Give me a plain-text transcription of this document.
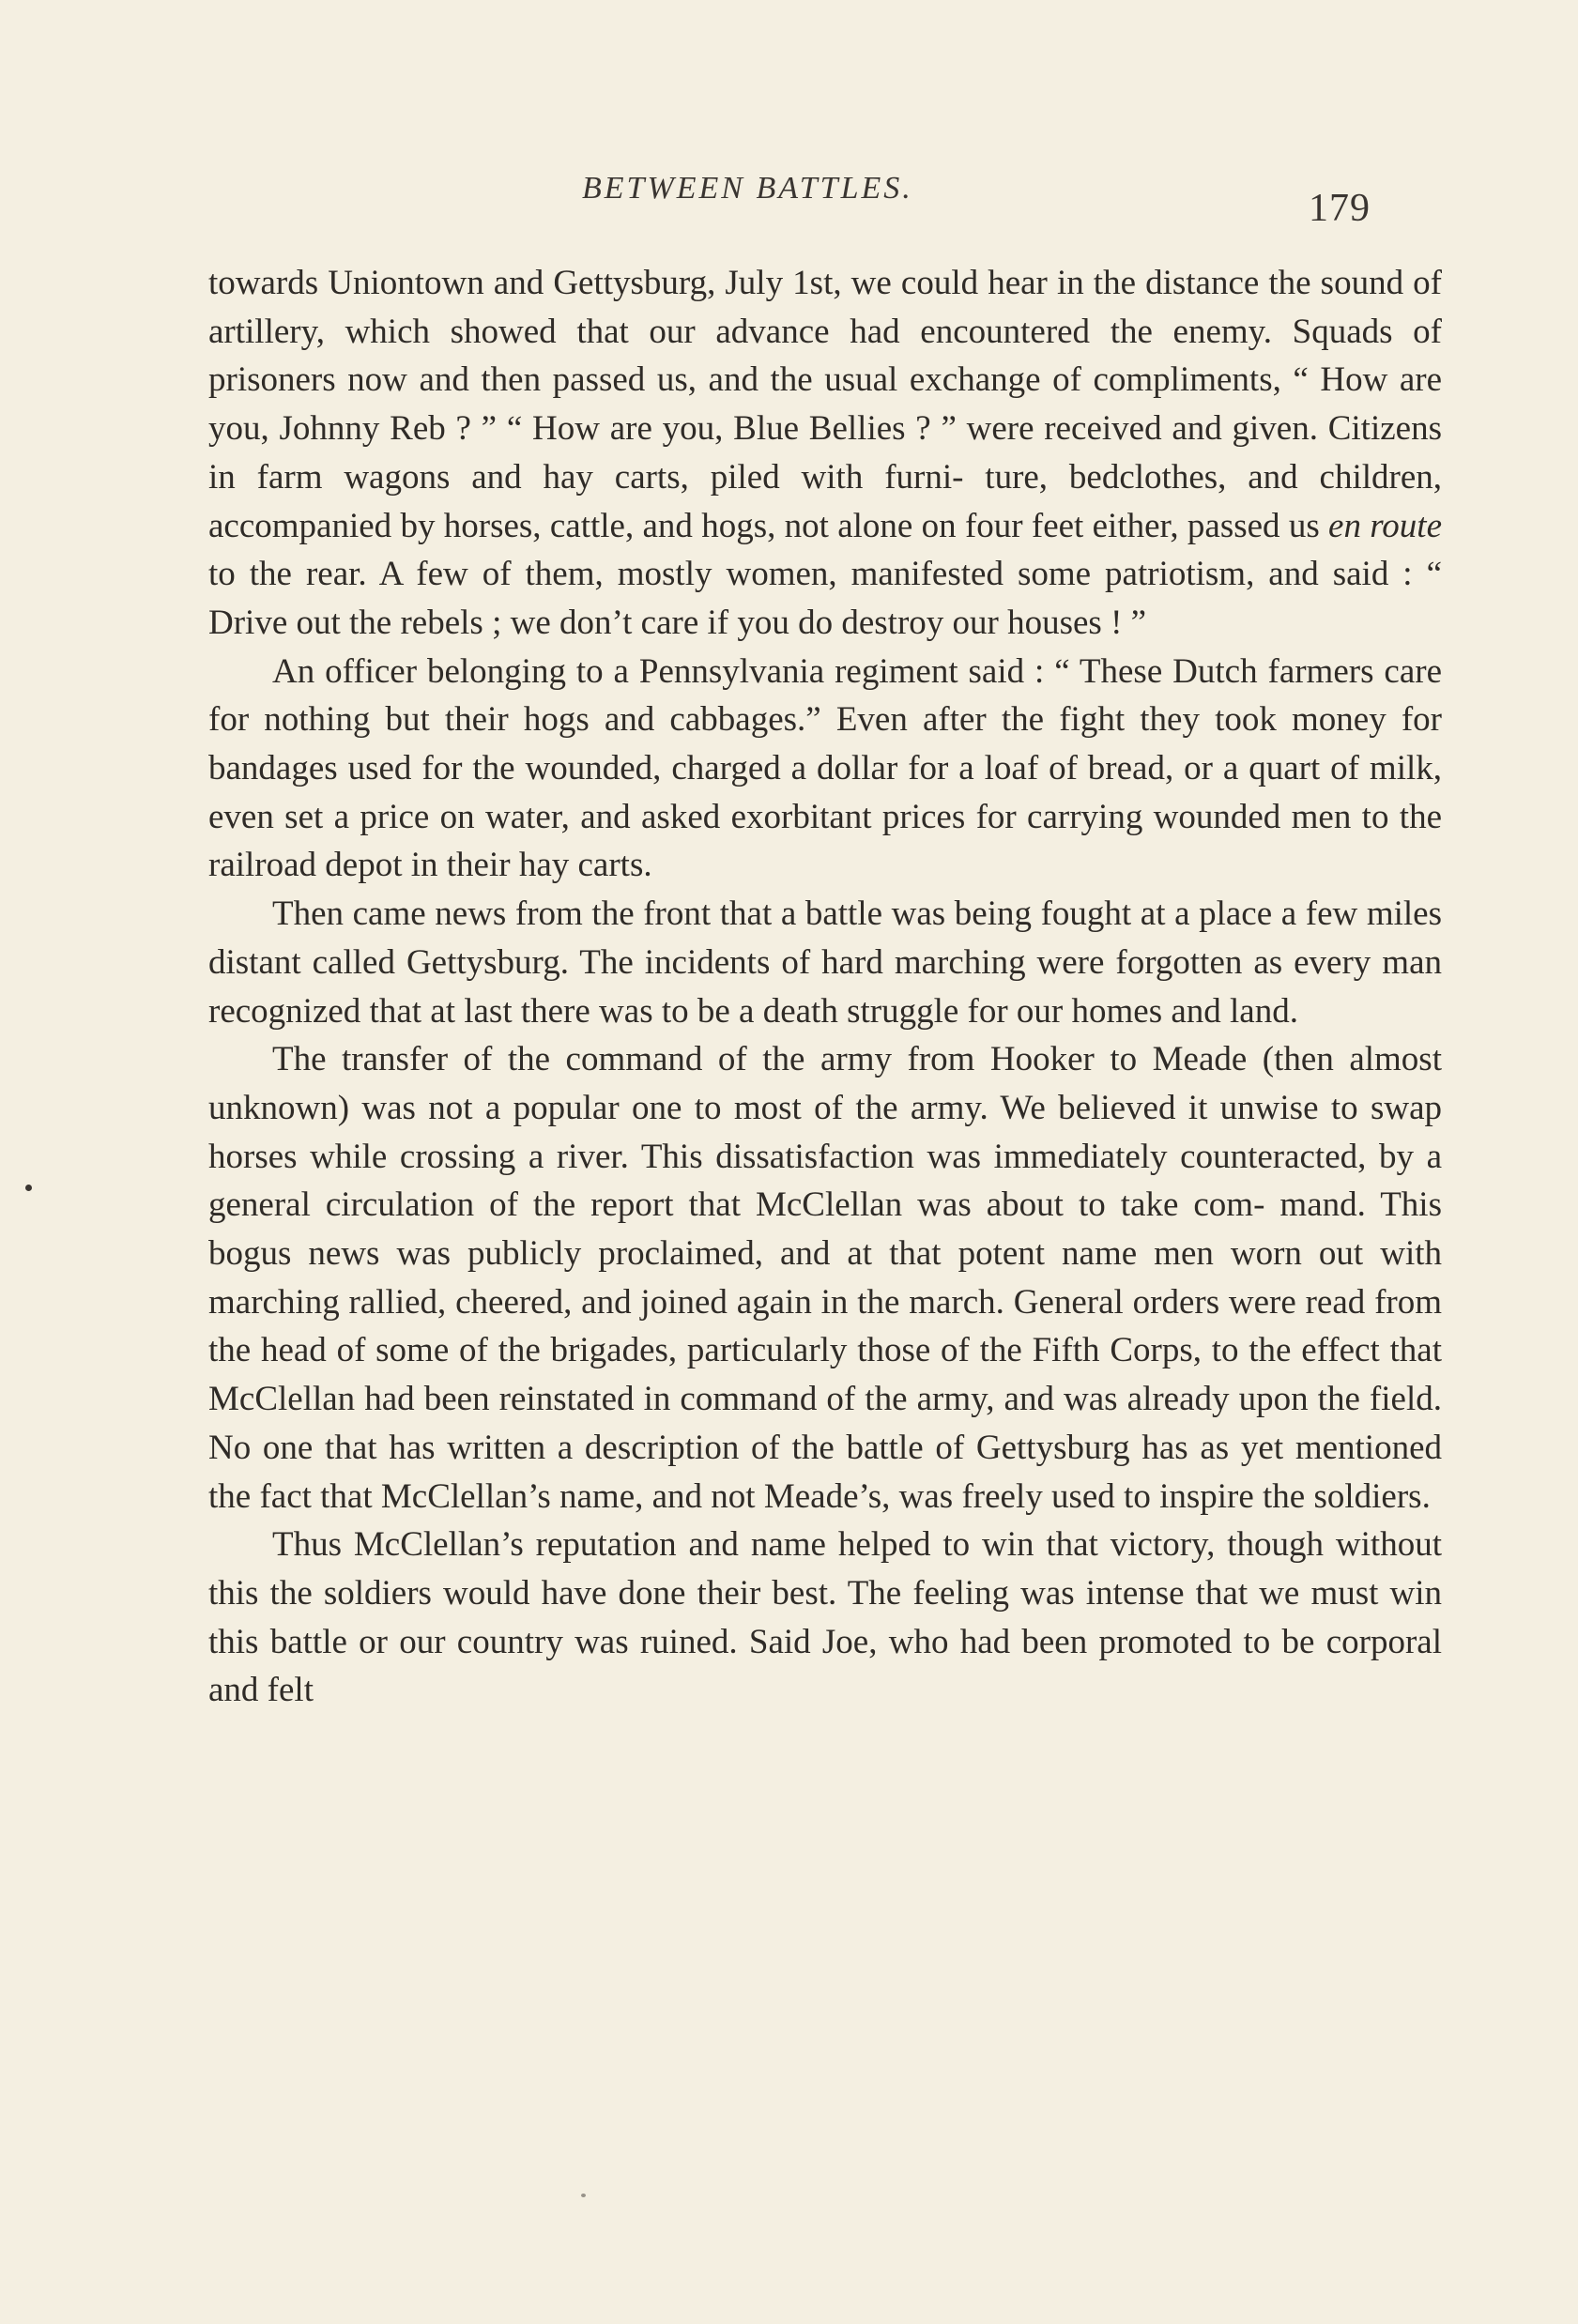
BETWEEN BATTLES.	179

towards Uniontown and Gettysburg, July 1st, we could hear in the distance the sound of artillery, which showed that our advance had encountered the enemy. Squads of prisoners now and then passed us, and the usual exchange of compliments, “ How are you, Johnny Reb ? ” “ How are you, Blue Bellies ? ” were received and given. Citizens in farm wagons and hay carts, piled with furni- ture, bedclothes, and children, accompanied by horses, cattle, and hogs, not alone on four feet either, passed us en route to the rear. A few of them, mostly women, manifested some patriotism, and said : “ Drive out the rebels ; we don’t care if you do destroy our houses ! ”

An officer belonging to a Pennsylvania regiment said : “ These Dutch farmers care for nothing but their hogs and cabbages.” Even after the fight they took money for bandages used for the wounded, charged a dollar for a loaf of bread, or a quart of milk, even set a price on water, and asked exorbitant prices for carrying wounded men to the railroad depot in their hay carts.

Then came news from the front that a battle was being fought at a place a few miles distant called Gettysburg. The incidents of hard marching were forgotten as every man recognized that at last there was to be a death struggle for our homes and land.

The transfer of the command of the army from Hooker to Meade (then almost unknown) was not a popular one to most of the army. We believed it unwise to swap horses while crossing a river. This dissatisfaction was immediately counteracted, by a general circulation of the report that McClellan was about to take com- mand. This bogus news was publicly proclaimed, and at that potent name men worn out with marching rallied, cheered, and joined again in the march. General orders were read from the head of some of the brigades, particularly those of the Fifth Corps, to the effect that McClellan had been reinstated in command of the army, and was already upon the field. No one that has written a description of the battle of Gettysburg has as yet mentioned the fact that McClellan’s name, and not Meade’s, was freely used to inspire the soldiers.

Thus McClellan’s reputation and name helped to win that victory, though without this the soldiers would have done their best. The feeling was intense that we must win this battle or our country was ruined. Said Joe, who had been promoted to be corporal and felt
